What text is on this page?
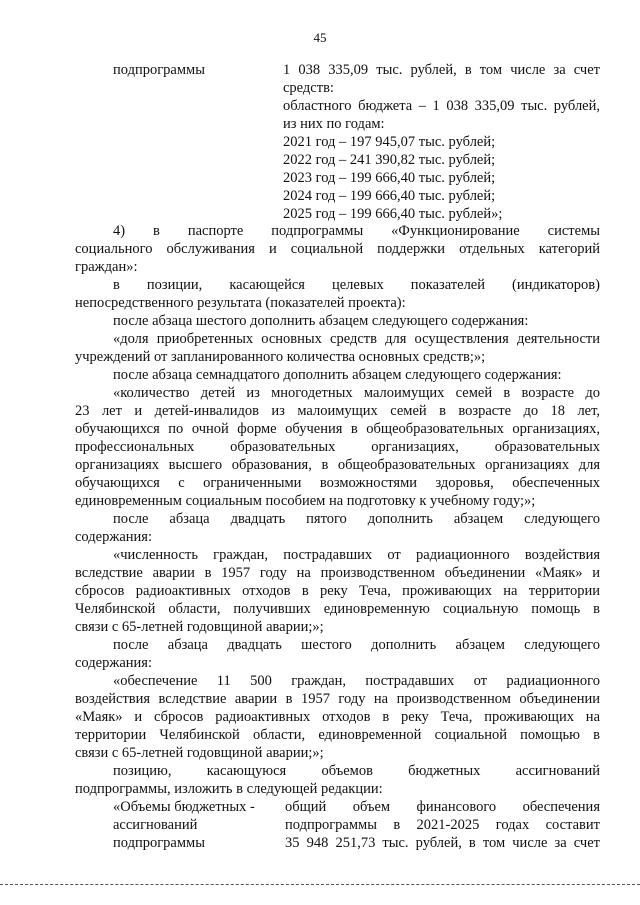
45
подпрограммы	1 038 335,09 тыс. рублей, в том числе за счет
средств:
областного бюджета – 1 038 335,09 тыс. рублей,
из них по годам:
2021 год – 197 945,07 тыс. рублей;
2022 год – 241 390,82 тыс. рублей;
2023 год – 199 666,40 тыс. рублей;
2024 год – 199 666,40 тыс. рублей;
2025 год – 199 666,40 тыс. рублей»;
4) в паспорте подпрограммы «Функционирование системы
социального обслуживания и социальной поддержки отдельных категорий
граждан»:
в позиции, касающейся целевых показателей (индикаторов)
непосредственного результата (показателей проекта):
после абзаца шестого дополнить абзацем следующего содержания:
«доля приобретенных основных средств для осуществления деятельности
учреждений от запланированного количества основных средств;»;
после абзаца семнадцатого дополнить абзацем следующего содержания:
«количество детей из многодетных малоимущих семей в возрасте до
23 лет и детей-инвалидов из малоимущих семей в возрасте до 18 лет,
обучающихся по очной форме обучения в общеобразовательных организациях,
профессиональных образовательных организациях, образовательных
организациях высшего образования, в общеобразовательных организациях для
обучающихся с ограниченными возможностями здоровья, обеспеченных
единовременным социальным пособием на подготовку к учебному году;»;
после абзаца двадцать пятого дополнить абзацем следующего
содержания:
«численность граждан, пострадавших от радиационного воздействия
вследствие аварии в 1957 году на производственном объединении «Маяк» и
сбросов радиоактивных отходов в реку Теча, проживающих на территории
Челябинской области, получивших единовременную социальную помощь в
связи с 65-летней годовщиной аварии;»;
после абзаца двадцать шестого дополнить абзацем следующего
содержания:
«обеспечение 11 500 граждан, пострадавших от радиационного
воздействия вследствие аварии в 1957 году на производственном объединении
«Маяк» и сбросов радиоактивных отходов в реку Теча, проживающих на
территории Челябинской области, единовременной социальной помощью в
связи с 65-летней годовщиной аварии;»;
позицию, касающуюся объемов бюджетных ассигнований
подпрограммы, изложить в следующей редакции:
«Объемы бюджетных -
ассигнований
подпрограммы
общий объем финансового обеспечения
подпрограммы в 2021-2025 годах составит
35 948 251,73 тыс. рублей, в том числе за счет
